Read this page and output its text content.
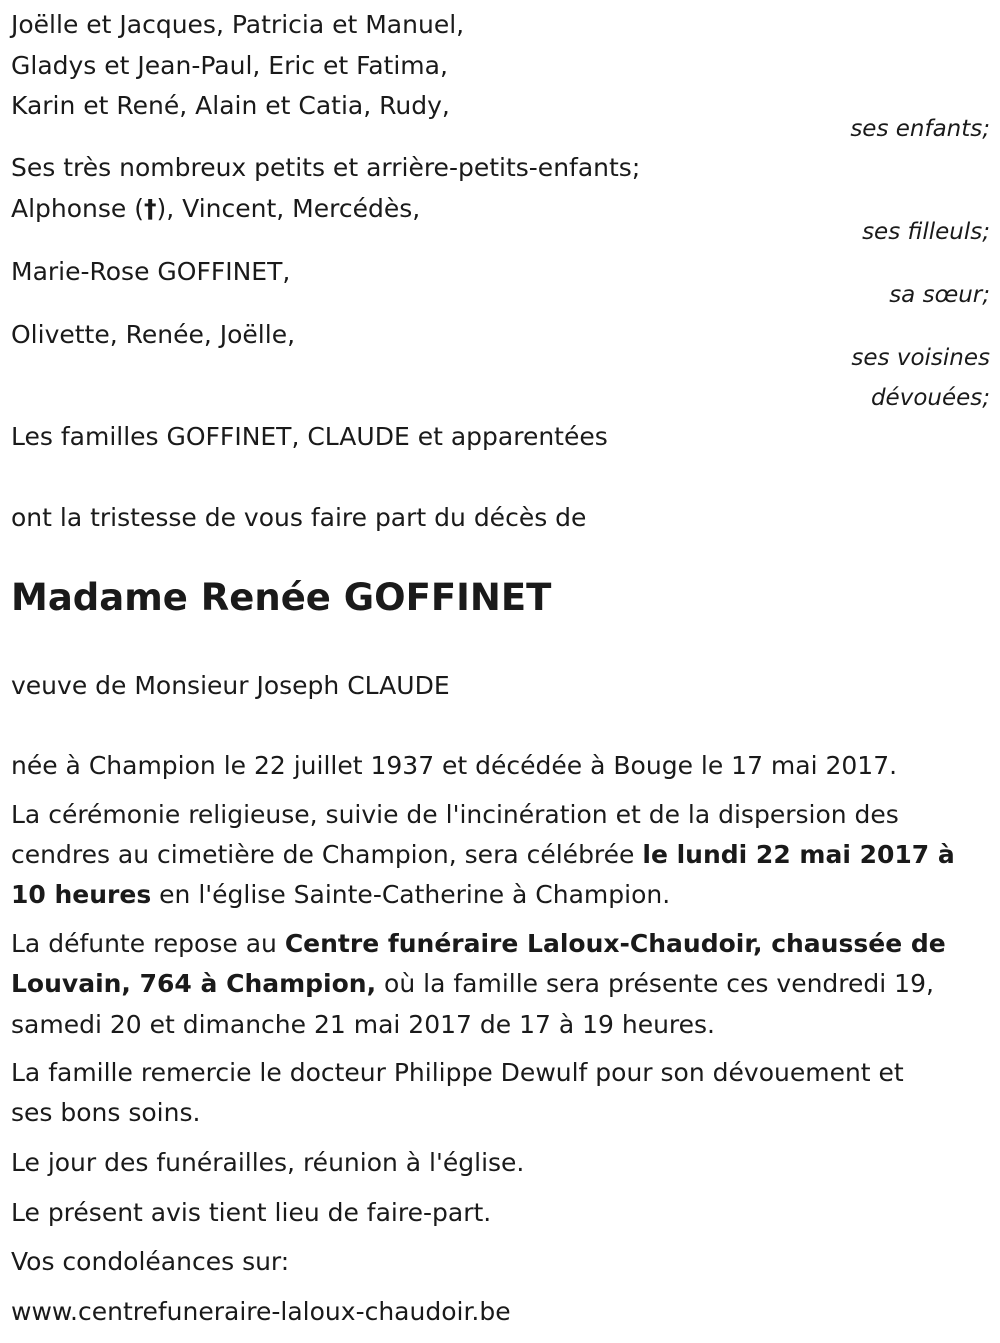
Joëlle et Jacques, Patricia et Manuel,

Gladys et Jean-Paul, Eric et Fatima,

Karin et René, Alain et Catia, Rudy,

ses enfants;

Ses très nombreux petits et arrière-petits-enfants;

Alphonse (†), Vincent, Mercédès,

ses filleuls;

Marie-Rose GOFFINET,

sa sœur;

Olivette, Renée, Joëlle,

ses voisines

dévouées;

Les familles GOFFINET, CLAUDE et apparentées

ont la tristesse de vous faire part du décès de

Madame Renée GOFFINET

veuve de Monsieur Joseph CLAUDE

née à Champion le 22 juillet 1937 et décédée à Bouge le 17 mai 2017.

La cérémonie religieuse, suivie de l'incinération et de la dispersion des

cendres au cimetière de Champion, sera célébrée le lundi 22 mai 2017 à

10 heures en l'église Sainte-Catherine à Champion.

La défunte repose au Centre funéraire Laloux-Chaudoir, chaussée de

Louvain, 764 à Champion, où la famille sera présente ces vendredi 19,

samedi 20 et dimanche 21 mai 2017 de 17 à 19 heures.

La famille remercie le docteur Philippe Dewulf pour son dévouement et

ses bons soins.

Le jour des funérailles, réunion à l'église.

Le présent avis tient lieu de faire-part.

Vos condoléances sur:

www.centrefuneraire-laloux-chaudoir.be
